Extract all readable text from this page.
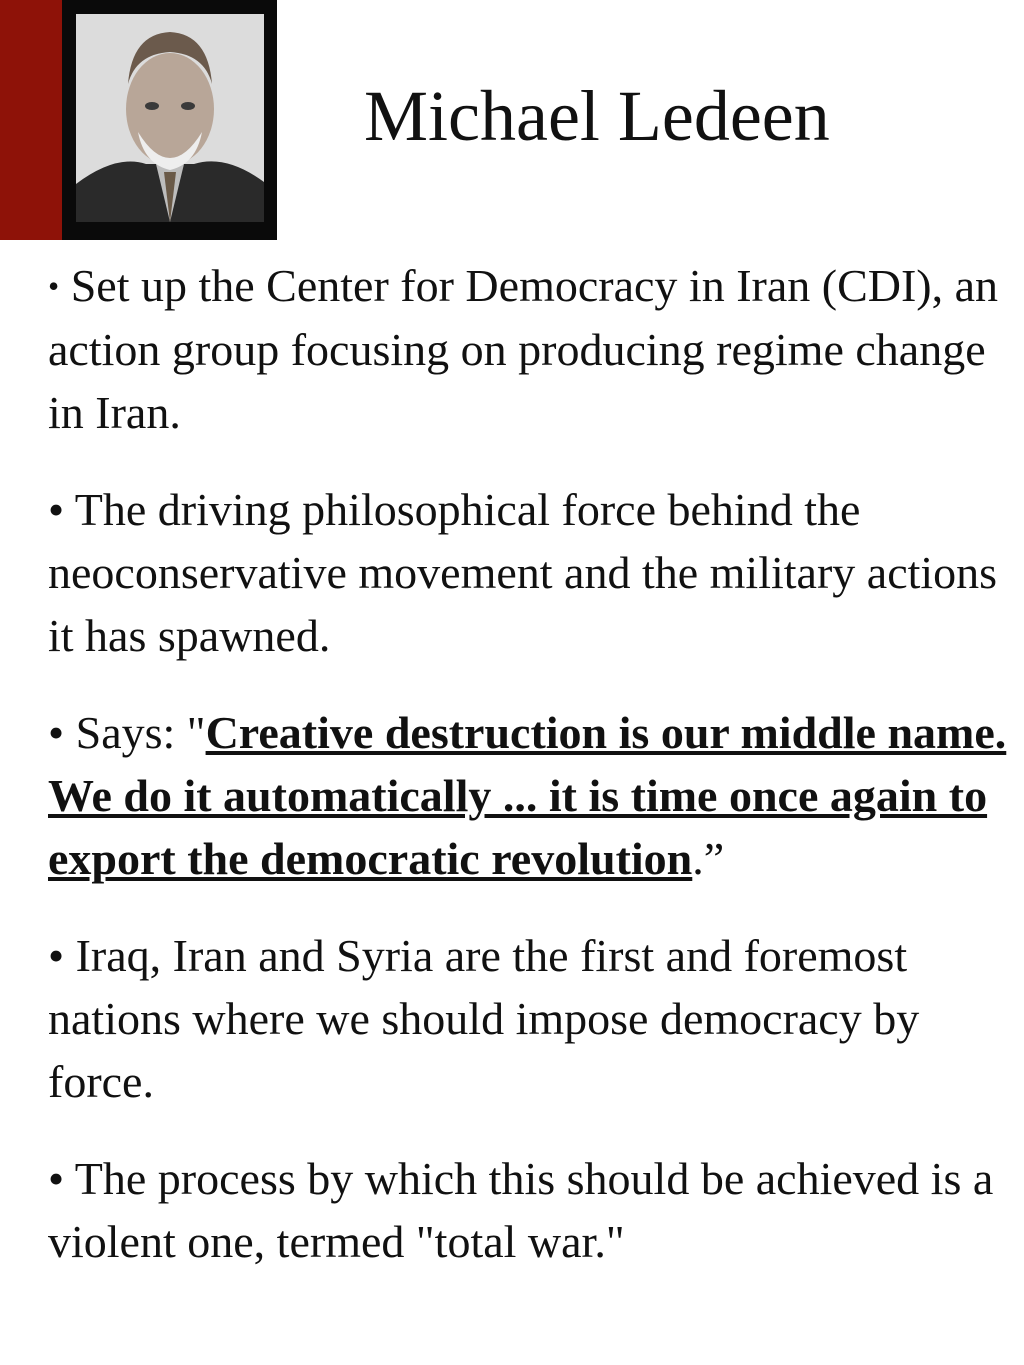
Michael Ledeen

• Set up the Center for Democracy in Iran (CDI), an action group focusing on producing regime change in Iran.

• The driving philosophical force behind the neoconservative movement and the military actions it has spawned.

• Says: "Creative destruction is our middle name. We do it automatically ... it is time once again to export the democratic revolution.”

• Iraq, Iran and Syria are the first and foremost nations where we should impose democracy by force.

• The process by which this should be achieved is a violent one, termed "total war."
